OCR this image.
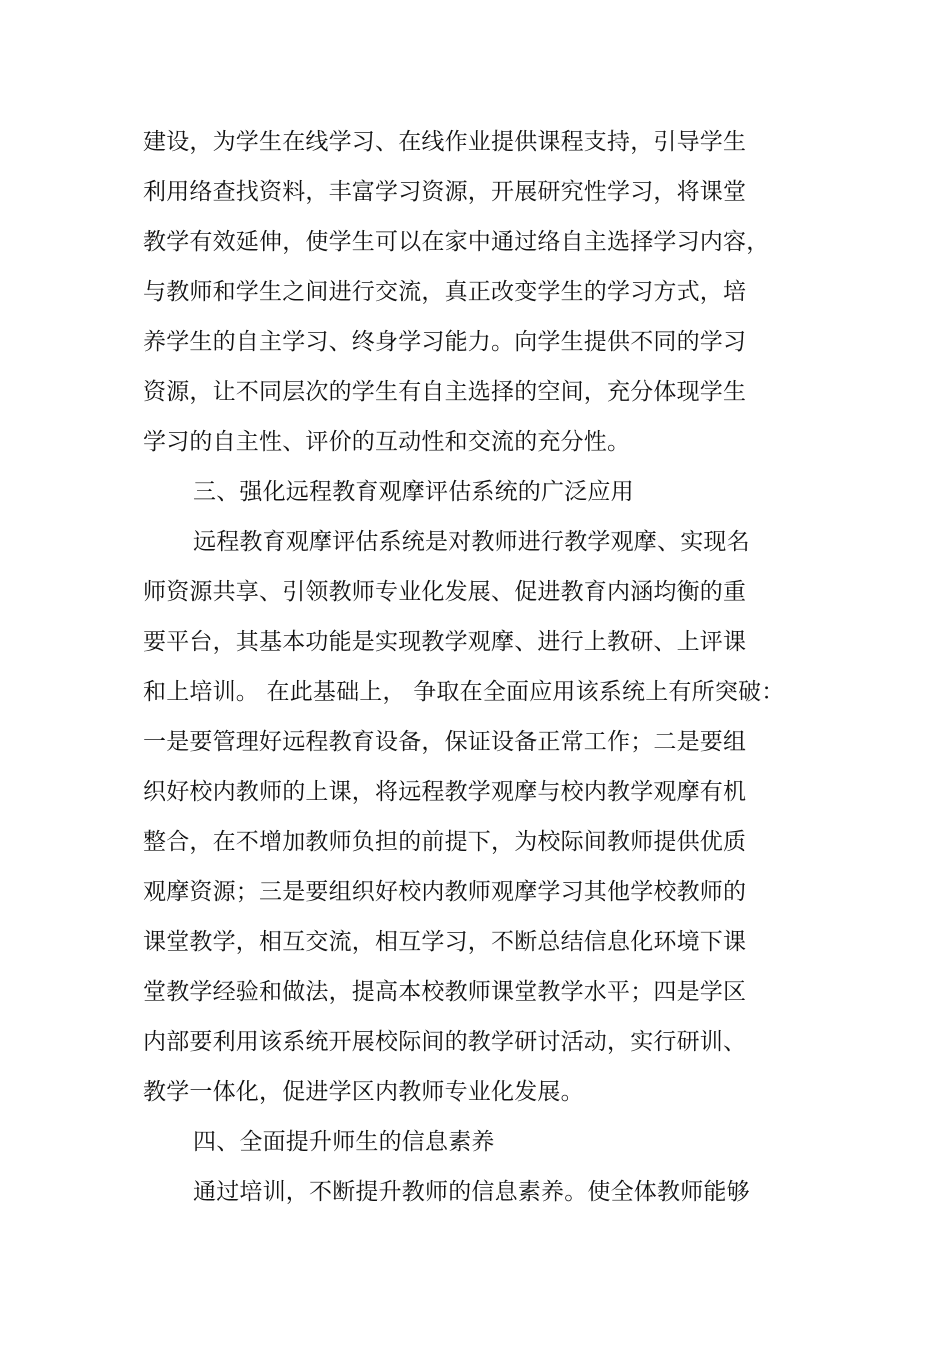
建设，为学生在线学习、在线作业提供课程支持，引导学生
利用络查找资料，丰富学习资源，开展研究性学习，将课堂
教学有效延伸，使学生可以在家中通过络自主选择学习内容，
与教师和学生之间进行交流，真正改变学生的学习方式，培
养学生的自主学习、终身学习能力。向学生提供不同的学习
资源，让不同层次的学生有自主选择的空间，充分体现学生
学习的自主性、评价的互动性和交流的充分性。
三、强化远程教育观摩评估系统的广泛应用
远程教育观摩评估系统是对教师进行教学观摩、实现名
师资源共享、引领教师专业化发展、促进教育内涵均衡的重
要平台，其基本功能是实现教学观摩、进行上教研、上评课
和上培训。 在此基础上， 争取在全面应用该系统上有所突破：
一是要管理好远程教育设备，保证设备正常工作；二是要组
织好校内教师的上课，将远程教学观摩与校内教学观摩有机
整合，在不增加教师负担的前提下，为校际间教师提供优质
观摩资源；三是要组织好校内教师观摩学习其他学校教师的
课堂教学，相互交流，相互学习，不断总结信息化环境下课
堂教学经验和做法，提高本校教师课堂教学水平；四是学区
内部要利用该系统开展校际间的教学研讨活动，实行研训、
教学一体化，促进学区内教师专业化发展。
四、全面提升师生的信息素养
通过培训，不断提升教师的信息素养。使全体教师能够
